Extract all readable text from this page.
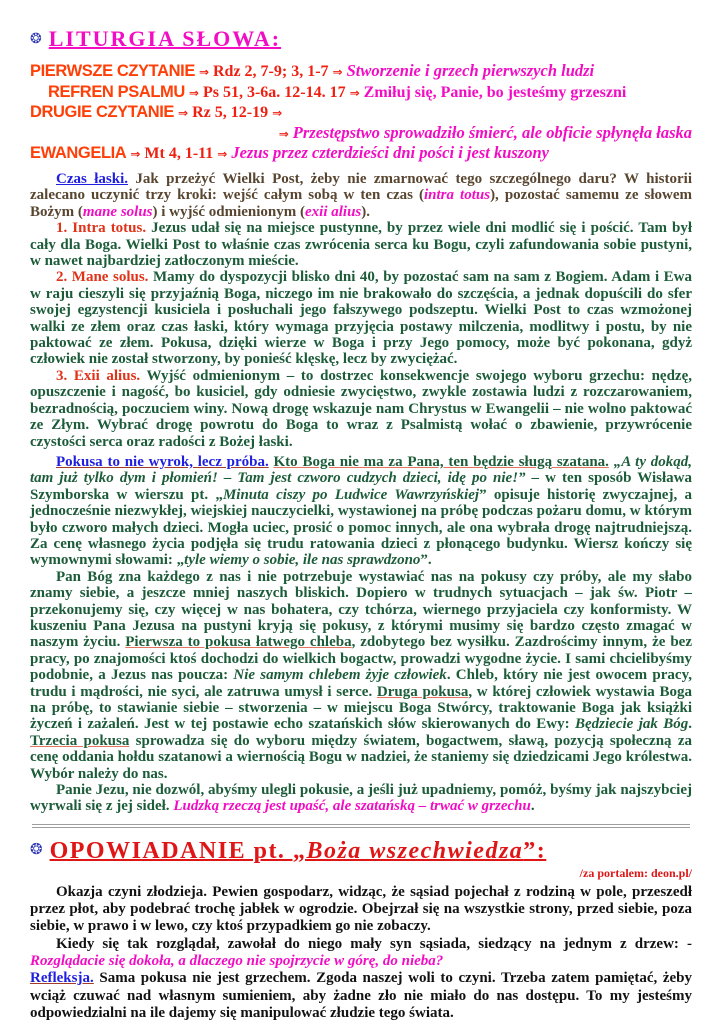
❂ LITURGIA SŁOWA:
PIERWSZE CZYTANIE ⇒ Rdz 2, 7-9; 3, 1-7 ⇒ Stworzenie i grzech pierwszych ludzi
REFREN PSALMU ⇒ Ps 51, 3-6a. 12-14. 17 ⇒ Zmiłuj się, Panie, bo jesteśmy grzeszni
DRUGIE CZYTANIE ⇒ Rz 5, 12-19 ⇒
⇒ Przestępstwo sprowadziło śmierć, ale obficie spłynęła łaska
EWANGELIA ⇒ Mt 4, 1-11 ⇒ Jezus przez czterdzieści dni pości i jest kuszony

Czas łaski. Jak przeżyć Wielki Post, żeby nie zmarnować tego szczególnego daru? W historii zalecano uczynić trzy kroki: wejść całym sobą w ten czas (intra totus), pozostać samemu ze słowem Bożym (mane solus) i wyjść odmienionym (exii alius).

1. Intra totus. Jezus udał się na miejsce pustynne, by przez wiele dni modlić się i pościć. Tam był cały dla Boga. Wielki Post to właśnie czas zwrócenia serca ku Bogu, czyli zafundowania sobie pustyni, w nawet najbardziej zatłoczonym mieście.

2. Mane solus. Mamy do dyspozycji blisko dni 40, by pozostać sam na sam z Bogiem. Adam i Ewa w raju cieszyli się przyjaźnią Boga, niczego im nie brakowało do szczęścia, a jednak dopuścili do sfer swojej egzystencji kusiciela i posłuchali jego fałszywego podszeptu. Wielki Post to czas wzmożonej walki ze złem oraz czas łaski, który wymaga przyjęcia postawy milczenia, modlitwy i postu, by nie paktować ze złem. Pokusa, dzięki wierze w Boga i przy Jego pomocy, może być pokonana, gdyż człowiek nie został stworzony, by ponieść klęskę, lecz by zwyciężać.

3. Exii alius. Wyjść odmienionym – to dostrzec konsekwencje swojego wyboru grzechu: nędzę, opuszczenie i nagość, bo kusiciel, gdy odniesie zwycięstwo, zwykle zostawia ludzi z rozczarowaniem, bezradnością, poczuciem winy. Nową drogę wskazuje nam Chrystus w Ewangelii – nie wolno paktować ze Złym. Wybrać drogę powrotu do Boga to wraz z Psalmistą wołać o zbawienie, przywrócenie czystości serca oraz radości z Bożej łaski.

Pokusa to nie wyrok, lecz próba. Kto Boga nie ma za Pana, ten będzie sługą szatana. „A ty dokąd, tam już tylko dym i płomień! – Tam jest czworo cudzych dzieci, idę po nie!” – w ten sposób Wisława Szymborska w wierszu pt. „Minuta ciszy po Ludwice Wawrzyńskiej” opisuje historię zwyczajnej, a jednocześnie niezwykłej, wiejskiej nauczycielki, wystawionej na próbę podczas pożaru domu, w którym było czworo małych dzieci. Mogła uciec, prosić o pomoc innych, ale ona wybrała drogę najtrudniejszą. Za cenę własnego życia podjęła się trudu ratowania dzieci z płonącego budynku. Wiersz kończy się wymownymi słowami: „tyle wiemy o sobie, ile nas sprawdzono”.

Pan Bóg zna każdego z nas i nie potrzebuje wystawiać nas na pokusy czy próby, ale my słabo znamy siebie, a jeszcze mniej naszych bliskich. Dopiero w trudnych sytuacjach – jak św. Piotr – przekonujemy się, czy więcej w nas bohatera, czy tchórza, wiernego przyjaciela czy konformisty. W kuszeniu Pana Jezusa na pustyni kryją się pokusy, z którymi musimy się bardzo często zmagać w naszym życiu. Pierwsza to pokusa łatwego chleba, zdobytego bez wysiłku. Zazdrościmy innym, że bez pracy, po znajomości ktoś dochodzi do wielkich bogactw, prowadzi wygodne życie. I sami chcielibyśmy podobnie, a Jezus nas poucza: Nie samym chlebem żyje człowiek. Chleb, który nie jest owocem pracy, trudu i mądrości, nie syci, ale zatruwa umysł i serce. Druga pokusa, w której człowiek wystawia Boga na próbę, to stawianie siebie – stworzenia – w miejscu Boga Stwórcy, traktowanie Boga jak książki życzeń i zażaleń. Jest w tej postawie echo szatańskich słów skierowanych do Ewy: Będziecie jak Bóg. Trzecia pokusa sprowadza się do wyboru między światem, bogactwem, sławą, pozycją społeczną za cenę oddania hołdu szatanowi a wiernością Bogu w nadziei, że staniemy się dziedzicami Jego królestwa. Wybór należy do nas.

Panie Jezu, nie dozwól, abyśmy ulegli pokusie, a jeśli już upadniemy, pomóż, byśmy jak najszybciej wyrwali się z jej sideł. Ludzką rzeczą jest upaść, ale szatańską – trwać w grzechu.

❂ OPOWIADANIE pt. „Boża wszechwiedza”:
/za portalem: deon.pl/

Okazja czyni złodzieja. Pewien gospodarz, widząc, że sąsiad pojechał z rodziną w pole, przeszedł przez płot, aby podebrać trochę jabłek w ogrodzie. Obejrzał się na wszystkie strony, przed siebie, poza siebie, w prawo i w lewo, czy ktoś przypadkiem go nie zobaczy.

Kiedy się tak rozglądał, zawołał do niego mały syn sąsiada, siedzący na jednym z drzew: - Rozglądacie się dokoła, a dlaczego nie spojrzycie w górę, do nieba?

Refleksja. Sama pokusa nie jest grzechem. Zgoda naszej woli to czyni. Trzeba zatem pamiętać, żeby wciąż czuwać nad własnym sumieniem, aby żadne zło nie miało do nas dostępu. To my jesteśmy odpowiedzialni na ile dajemy się manipulować złudzie tego świata.
